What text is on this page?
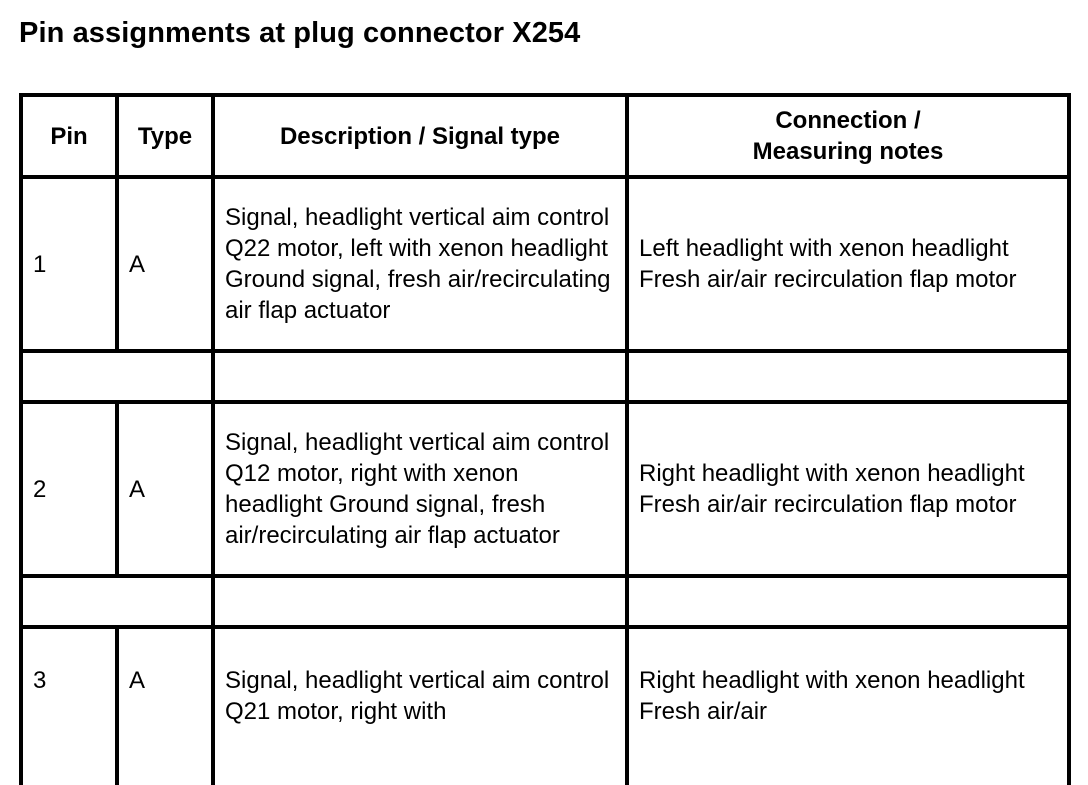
Pin assignments at plug connector X254
Pin	Type	Description / Signal type	Connection /
Measuring notes
1	A	Signal, headlight vertical aim control Q22 motor, left with xenon headlight Ground signal, fresh air/recirculating air flap actuator	Left headlight with xenon headlight Fresh air/air recirculation flap motor

2	A	Signal, headlight vertical aim control Q12 motor, right with xenon headlight Ground signal, fresh air/recirculating air flap actuator	Right headlight with xenon headlight Fresh air/air recirculation flap motor

3	A	Signal, headlight vertical aim control Q21 motor, right with	Right headlight with xenon headlight Fresh air/air
